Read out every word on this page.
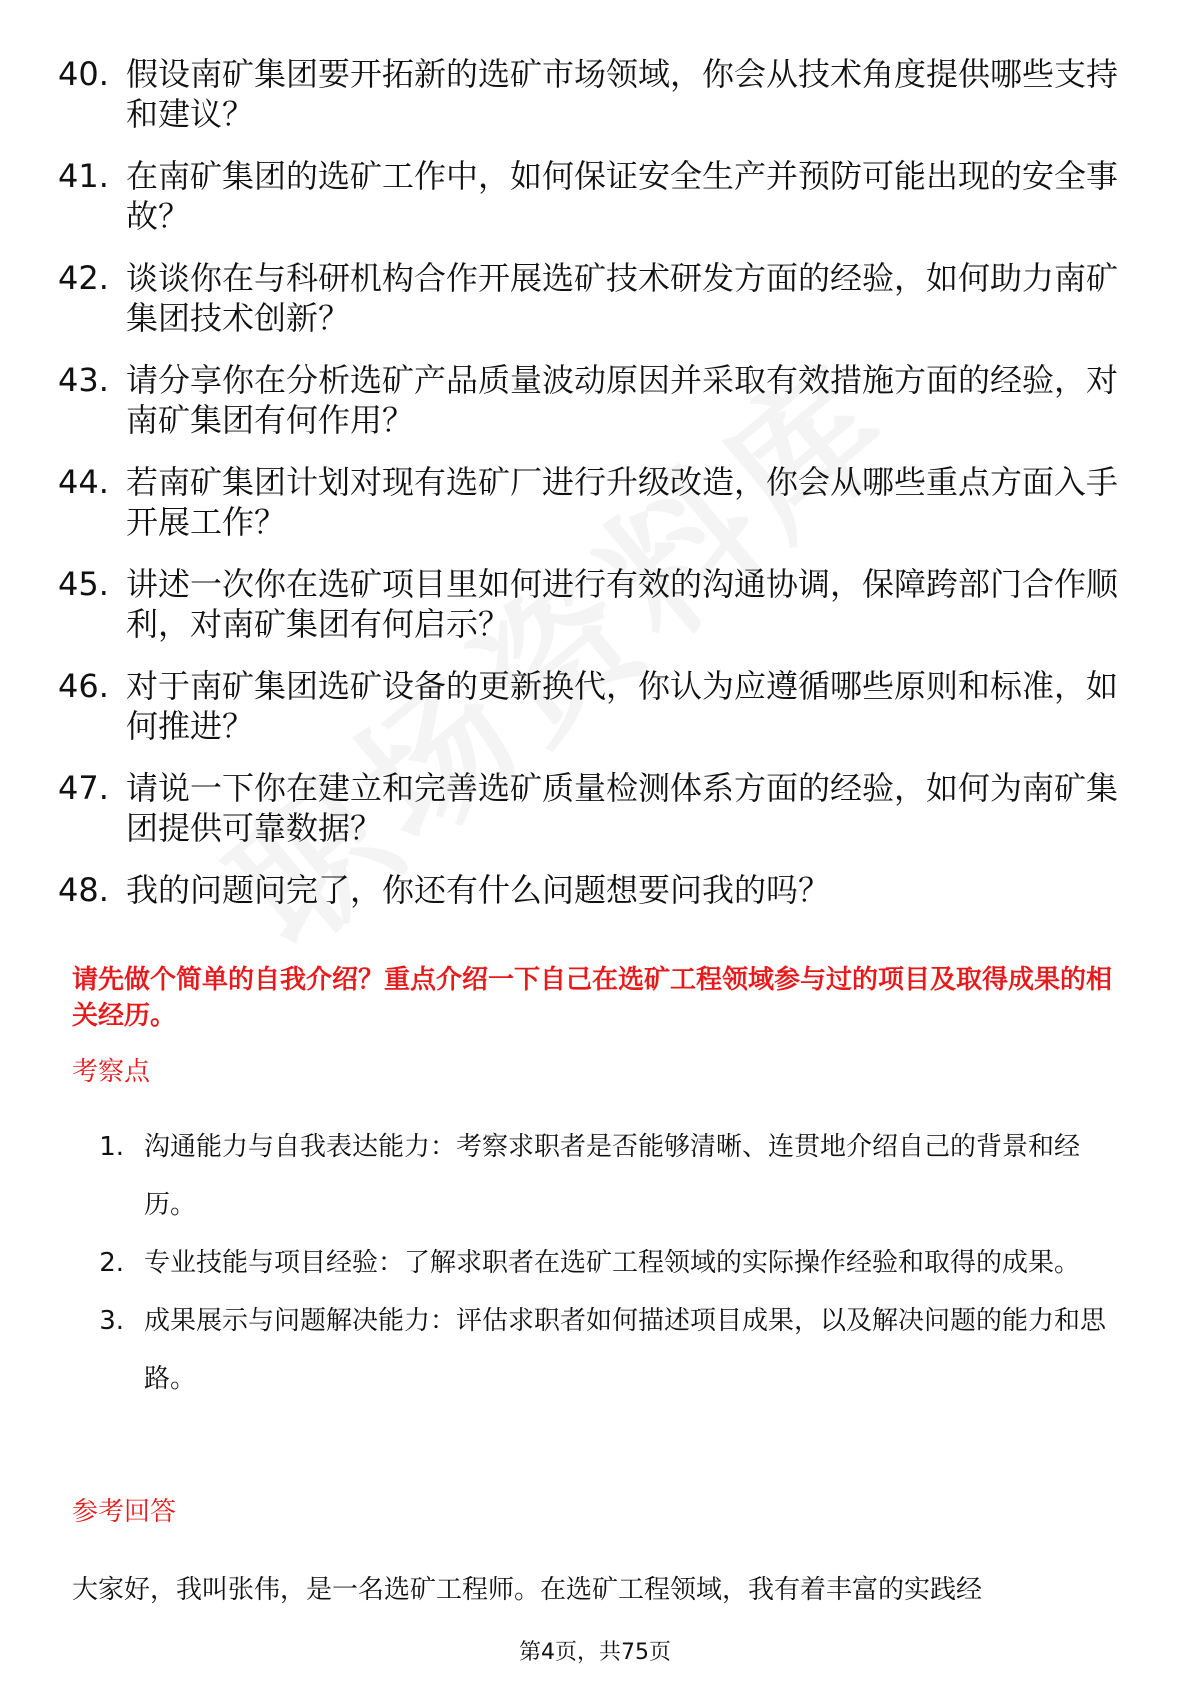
40. 假设南矿集团要开拓新的选矿市场领域，你会从技术角度提供哪些支持和建议？
41. 在南矿集团的选矿工作中，如何保证安全生产并预防可能出现的安全事故？
42. 谈谈你在与科研机构合作开展选矿技术研发方面的经验，如何助力南矿集团技术创新？
43. 请分享你在分析选矿产品质量波动原因并采取有效措施方面的经验，对南矿集团有何作用？
44. 若南矿集团计划对现有选矿厂进行升级改造，你会从哪些重点方面入手开展工作？
45. 讲述一次你在选矿项目里如何进行有效的沟通协调，保障跨部门合作顺利，对南矿集团有何启示？
46. 对于南矿集团选矿设备的更新换代，你认为应遵循哪些原则和标准，如何推进？
47. 请说一下你在建立和完善选矿质量检测体系方面的经验，如何为南矿集团提供可靠数据？
48. 我的问题问完了，你还有什么问题想要问我的吗？
请先做个简单的自我介绍？重点介绍一下自己在选矿工程领域参与过的项目及取得成果的相关经历。
考察点
1. 沟通能力与自我表达能力：考察求职者是否能够清晰、连贯地介绍自己的背景和经历。
2. 专业技能与项目经验：了解求职者在选矿工程领域的实际操作经验和取得的成果。
3. 成果展示与问题解决能力：评估求职者如何描述项目成果，以及解决问题的能力和思路。
参考回答
大家好，我叫张伟，是一名选矿工程师。在选矿工程领域，我有着丰富的实践经
第4页，共75页
